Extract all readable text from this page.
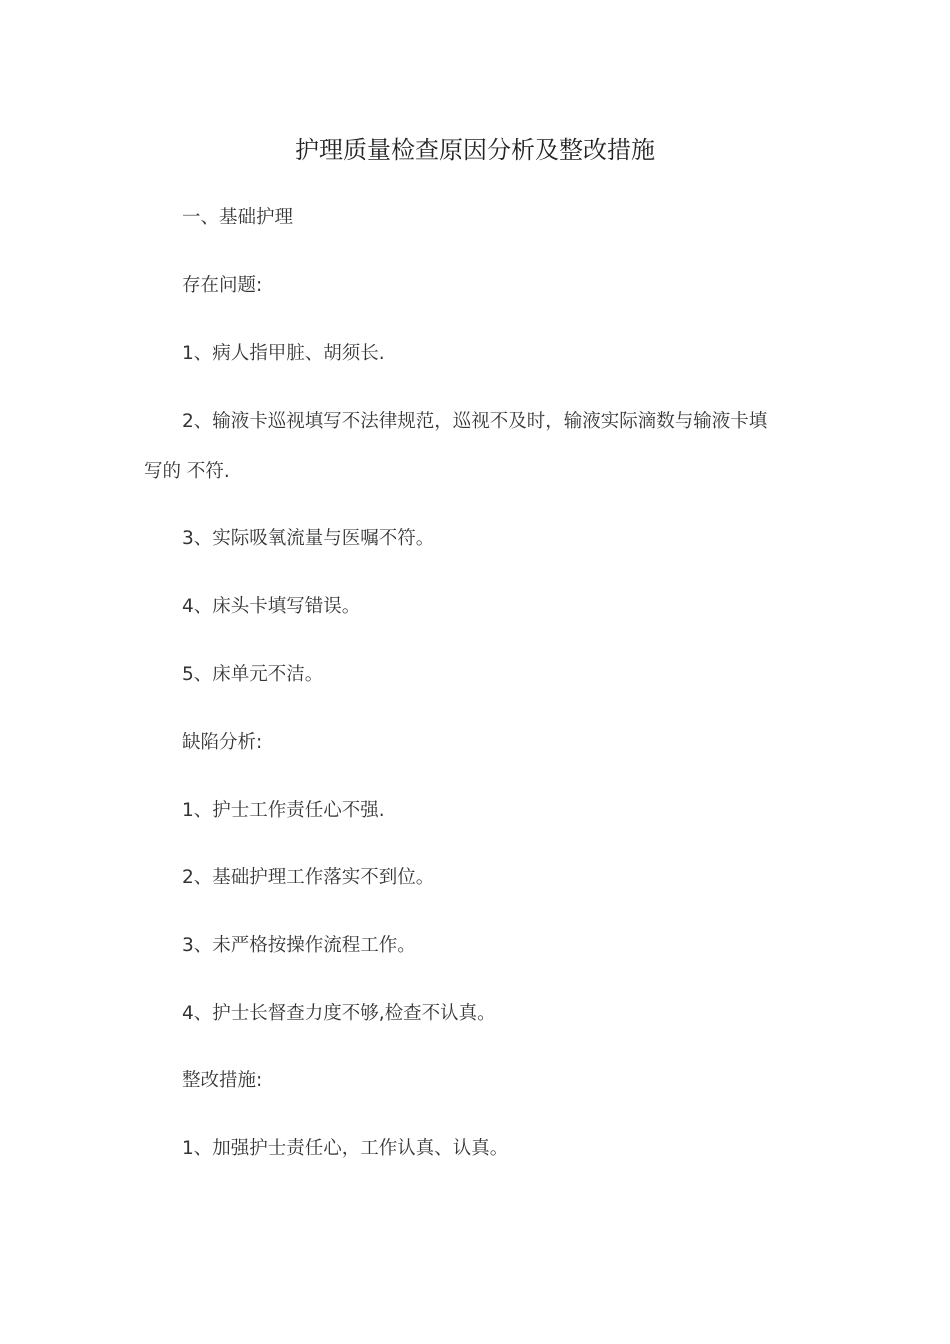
护理质量检查原因分析及整改措施
一、基础护理
存在问题:
1、病人指甲脏、胡须长.
2、输液卡巡视填写不法律规范，巡视不及时，输液实际滴数与输液卡填
写的 不符.
3、实际吸氧流量与医嘱不符。
4、床头卡填写错误。
5、床单元不洁。
缺陷分析:
1、护士工作责任心不强.
2、基础护理工作落实不到位。
3、未严格按操作流程工作。
4、护士长督查力度不够,检查不认真。
整改措施:
1、加强护士责任心，工作认真、认真。
